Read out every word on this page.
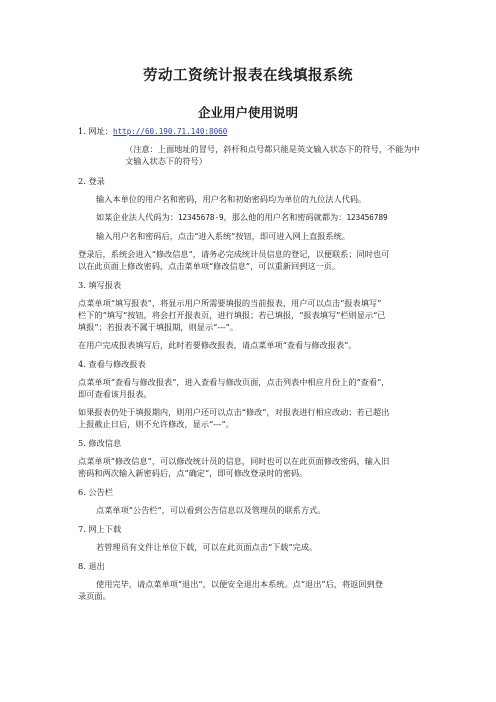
劳动工资统计报表在线填报系统
企业用户使用说明

1. 网址：http://60.190.71.140:8060

（注意：上面地址的冒号，斜杆和点号都只能是英文输入状态下的符号，不能为中文输入状态下的符号）

2. 登录

输入本单位的用户名和密码，用户名和初始密码均为单位的九位法人代码。

如某企业法人代码为：12345678-9，那么他的用户名和密码就都为：123456789

输入用户名和密码后，点击“进入系统”按钮，即可进入网上直报系统。

登录后，系统会进入“修改信息”，请务必完成统计员信息的登记，以便联系；同时也可

以在此页面上修改密码，点击菜单项“修改信息”，可以重新回到这一页。

3. 填写报表

点菜单项“填写报表”，将显示用户所需要填报的当前报表，用户可以点击“报表填写”

栏下的“填写”按钮，将会打开报表页，进行填报；若已填报，“报表填写”栏则显示“已

填报”；若报表不属于填报期，则显示“---”。

在用户完成报表填写后，此时若要修改报表，请点菜单项“查看与修改报表”。

4. 查看与修改报表

点菜单项“查看与修改报表”，进入查看与修改页面，点击列表中相应月份上的“查看”，

即可查看该月报表。

如果报表仍处于填报期内，则用户还可以点击“修改”，对报表进行相应改动；若已超出

上报截止日后，则不允许修改，显示“---”。

5. 修改信息

点菜单项“修改信息”，可以修改统计员的信息，同时也可以在此页面修改密码，输入旧

密码和两次输入新密码后，点“确定”，即可修改登录时的密码。

6. 公告栏

点菜单项“公告栏”，可以看到公告信息以及管理员的联系方式。

7. 网上下载

若管理员有文件让单位下载，可以在此页面点击“下载”完成。

8. 退出

使用完毕，请点菜单项“退出”，以便安全退出本系统。点“退出”后，将返回到登

录页面。
